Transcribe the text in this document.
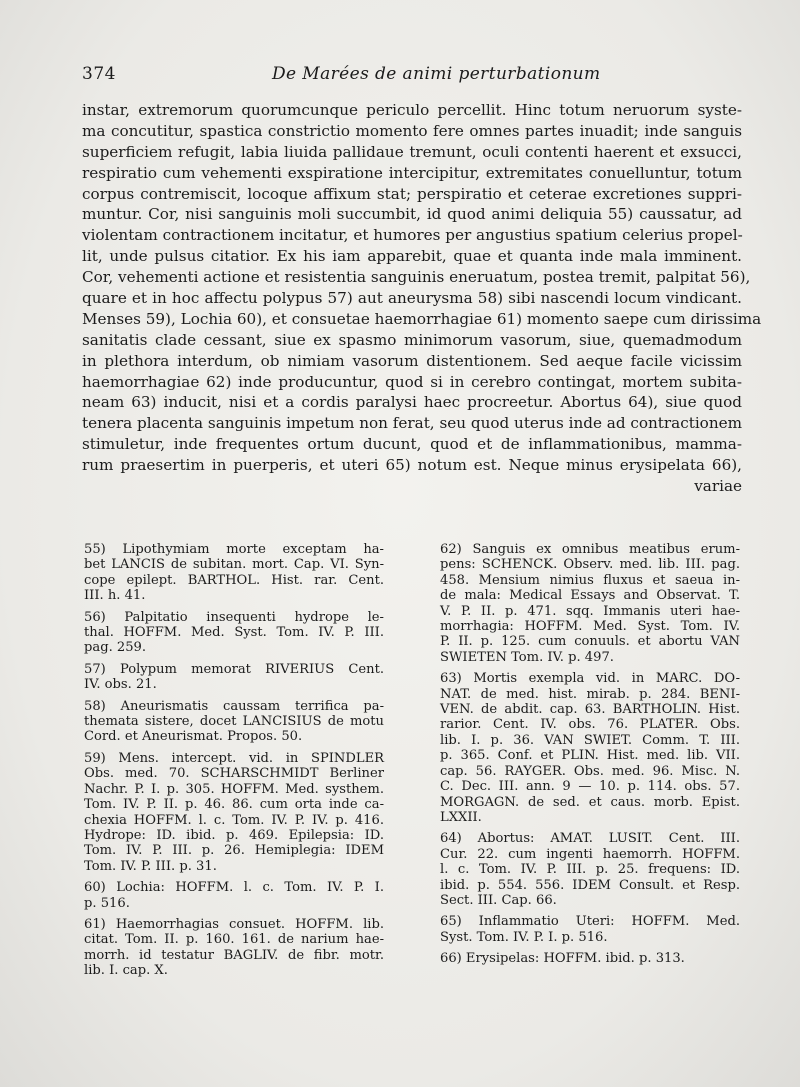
374	De Marées de animi perturbationum
instar, extremorum quorumcunque periculo percellit. Hinc totum neruorum syste-
ma concutitur, spastica constrictio momento fere omnes partes inuadit; inde sanguis
superficiem refugit, labia liuida pallidaue tremunt, oculi contenti haerent et exsucci,
respiratio cum vehementi exspiratione intercipitur, extremitates conuelluntur, totum
corpus contremiscit, locoque affixum stat; perspiratio et ceterae excretiones suppri-
muntur. Cor, nisi sanguinis moli succumbit, id quod animi deliquia 55) caussatur, ad
violentam contractionem incitatur, et humores per angustius spatium celerius propel-
lit, unde pulsus citatior. Ex his iam apparebit, quae et quanta inde mala imminent.
Cor, vehementi actione et resistentia sanguinis eneruatum, postea tremit, palpitat 56),
quare et in hoc affectu polypus 57) aut aneurysma 58) sibi nascendi locum vindicant.
Menses 59), Lochia 60), et consuetae haemorrhagiae 61) momento saepe cum dirissima
sanitatis clade cessant, siue ex spasmo minimorum vasorum, siue, quemadmodum
in plethora interdum, ob nimiam vasorum distentionem. Sed aeque facile vicissim
haemorrhagiae 62) inde producuntur, quod si in cerebro contingat, mortem subita-
neam 63) inducit, nisi et a cordis paralysi haec procreetur. Abortus 64), siue quod
tenera placenta sanguinis impetum non ferat, seu quod uterus inde ad contractionem
stimuletur, inde frequentes ortum ducunt, quod et de inflammationibus, mamma-
rum praesertim in puerperis, et uteri 65) notum est. Neque minus erysipelata 66),
variae
55) Lipothymiam morte exceptam ha-
bet LANCIS de subitan. mort. Cap. VI. Syn-
cope epilept. BARTHOL. Hist. rar. Cent.
III. h. 41.
56) Palpitatio insequenti hydrope le-
thal. HOFFM. Med. Syst. Tom. IV. P. III.
pag. 259.
57) Polypum memorat RIVERIUS Cent.
IV. obs. 21.
58) Aneurismatis caussam terrifica pa-
themata sistere, docet LANCISIUS de motu
Cord. et Aneurismat. Propos. 50.
59) Mens. intercept. vid. in SPINDLER
Obs. med. 70. SCHARSCHMIDT Berliner
Nachr. P. I. p. 305. HOFFM. Med. systhem.
Tom. IV. P. II. p. 46. 86. cum orta inde ca-
chexia HOFFM. l. c. Tom. IV. P. IV. p. 416.
Hydrope: ID. ibid. p. 469. Epilepsia: ID.
Tom. IV. P. III. p. 26. Hemiplegia: IDEM
Tom. IV. P. III. p. 31.
60) Lochia: HOFFM. l. c. Tom. IV. P. I.
p. 516.
61) Haemorrhagias consuet. HOFFM. lib.
citat. Tom. II. p. 160. 161. de narium hae-
morrh. id testatur BAGLIV. de fibr. motr.
lib. I. cap. X.
62) Sanguis ex omnibus meatibus erum-
pens: SCHENCK. Observ. med. lib. III. pag.
458. Mensium nimius fluxus et saeua in-
de mala: Medical Essays and Observat. T.
V. P. II. p. 471. sqq. Immanis uteri hae-
morrhagia: HOFFM. Med. Syst. Tom. IV.
P. II. p. 125. cum conuuls. et abortu VAN
SWIETEN Tom. IV. p. 497.
63) Mortis exempla vid. in MARC. DO-
NAT. de med. hist. mirab. p. 284. BENI-
VEN. de abdit. cap. 63. BARTHOLIN. Hist.
rarior. Cent. IV. obs. 76. PLATER. Obs.
lib. I. p. 36. VAN SWIET. Comm. T. III.
p. 365. Conf. et PLIN. Hist. med. lib. VII.
cap. 56. RAYGER. Obs. med. 96. Misc. N.
C. Dec. III. ann. 9 — 10. p. 114. obs. 57.
MORGAGN. de sed. et caus. morb. Epist.
LXXII.
64) Abortus: AMAT. LUSIT. Cent. III.
Cur. 22. cum ingenti haemorrh. HOFFM.
l. c. Tom. IV. P. III. p. 25. frequens: ID.
ibid. p. 554. 556. IDEM Consult. et Resp.
Sect. III. Cap. 66.
65) Inflammatio Uteri: HOFFM. Med.
Syst. Tom. IV. P. I. p. 516.
66) Erysipelas: HOFFM. ibid. p. 313.
